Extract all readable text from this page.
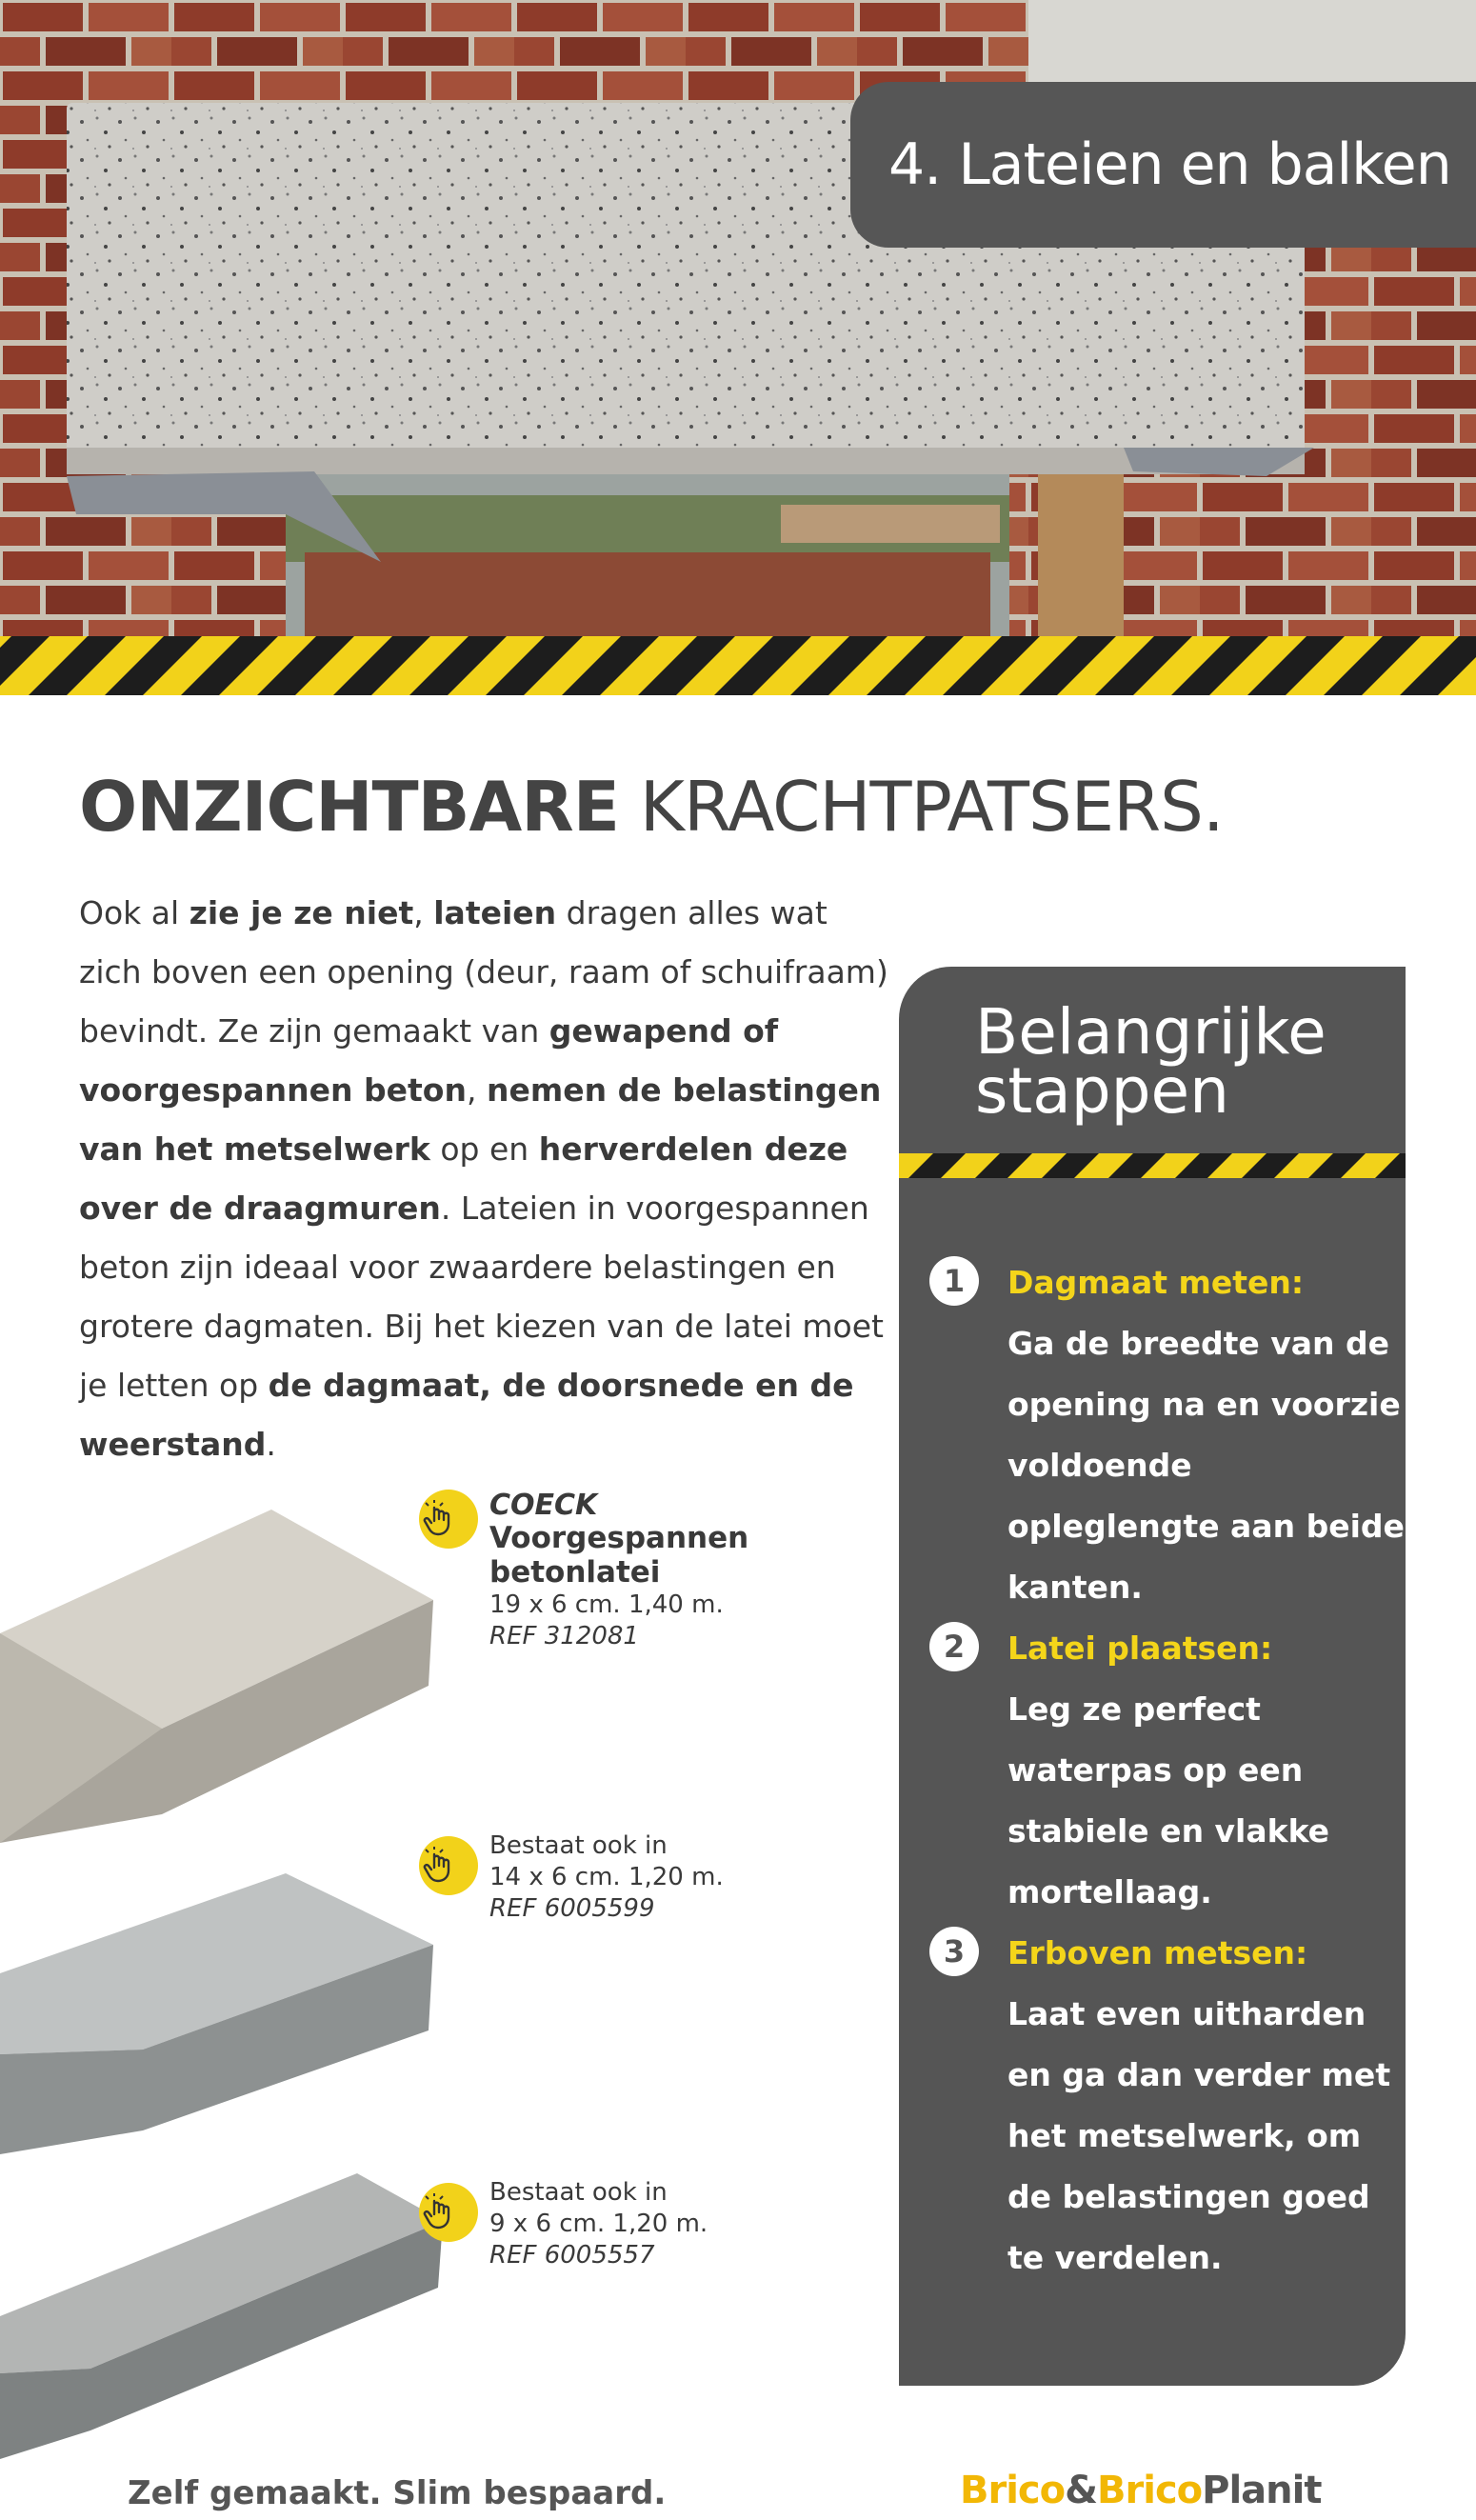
4. Lateien en balken
ONZICHTBARE KRACHTPATSERS.
Ook al zie je ze niet, lateien dragen alles wat zich boven een opening (deur, raam of schuifraam) bevindt. Ze zijn gemaakt van gewapend of voorgespannen beton, nemen de belastingen van het metselwerk op en herverdelen deze over de draagmuren. Lateien in voorgespannen beton zijn ideaal voor zwaardere belastingen en grotere dagmaten. Bij het kiezen van de latei moet je letten op de dagmaat, de doorsnede en de weerstand.
COECK
Voorgespannen betonlatei
19 x 6 cm. 1,40 m.
REF 312081
Bestaat ook in
14 x 6 cm. 1,20 m.
REF 6005599
Bestaat ook in
9 x 6 cm. 1,20 m.
REF 6005557
Belangrijke
stappen
1	Dagmaat meten:
Ga de breedte van de opening na en voorzie voldoende opleglengte aan beide kanten.
2	Latei plaatsen:
Leg ze perfect waterpas op een stabiele en vlakke mortellaag.
3	Erboven metsen:
Laat even uitharden en ga dan verder met het metselwerk, om de belastingen goed te verdelen.
Zelf gemaakt. Slim bespaard.	Brico&BricoPlanit
